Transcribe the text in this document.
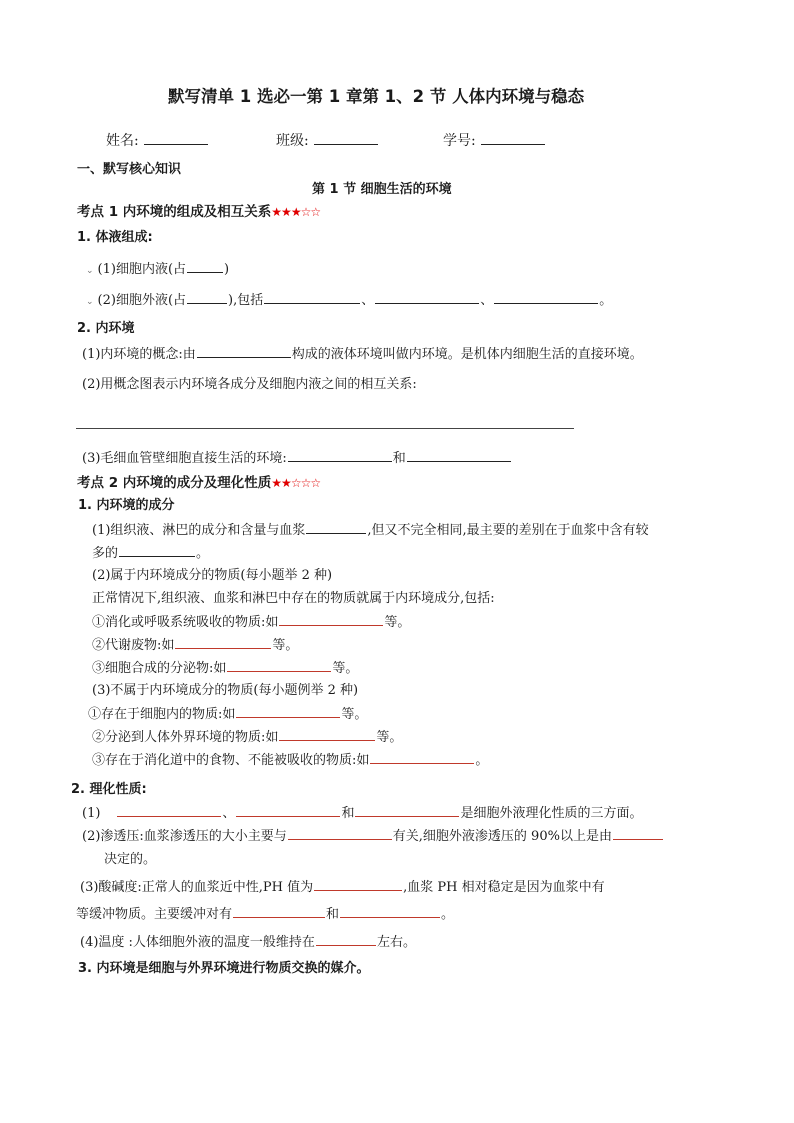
默写清单 1 选必一第 1 章第 1、2 节 人体内环境与稳态
姓名:	班级:	学号:
一、默写核心知识
第 1 节 细胞生活的环境
考点 1 内环境的组成及相互关系★★★☆☆
1. 体液组成:
⌄ (1)细胞内液(占	)
⌄ (2)细胞外液(占	),包括	、	、	。
2. 内环境
(1)内环境的概念:由	构成的液体环境叫做内环境。是机体内细胞生活的直接环境。
(2)用概念图表示内环境各成分及细胞内液之间的相互关系:
(3)毛细血管壁细胞直接生活的环境:	和
考点 2 内环境的成分及理化性质★★☆☆☆
1. 内环境的成分
(1)组织液、淋巴的成分和含量与血浆	,但又不完全相同,最主要的差别在于血浆中含有较
多的	。
(2)属于内环境成分的物质(每小题举 2 种)
正常情况下,组织液、血浆和淋巴中存在的物质就属于内环境成分,包括:
①消化或呼吸系统吸收的物质:如	等。
②代谢废物:如	等。
③细胞合成的分泌物:如	等。
(3)不属于内环境成分的物质(每小题例举 2 种)
①存在于细胞内的物质:如	等。
②分泌到人体外界环境的物质:如	等。
③存在于消化道中的食物、不能被吸收的物质:如	。
2. 理化性质:
(1)	、	和	是细胞外液理化性质的三方面。
(2)渗透压:血浆渗透压的大小主要与	有关,细胞外液渗透压的 90%以上是由
决定的。
(3)酸碱度:正常人的血浆近中性,PH 值为	,血浆 PH 相对稳定是因为血浆中有
等缓冲物质。主要缓冲对有	和	。
(4)温度 :人体细胞外液的温度一般维持在	左右。
3. 内环境是细胞与外界环境进行物质交换的媒介。
